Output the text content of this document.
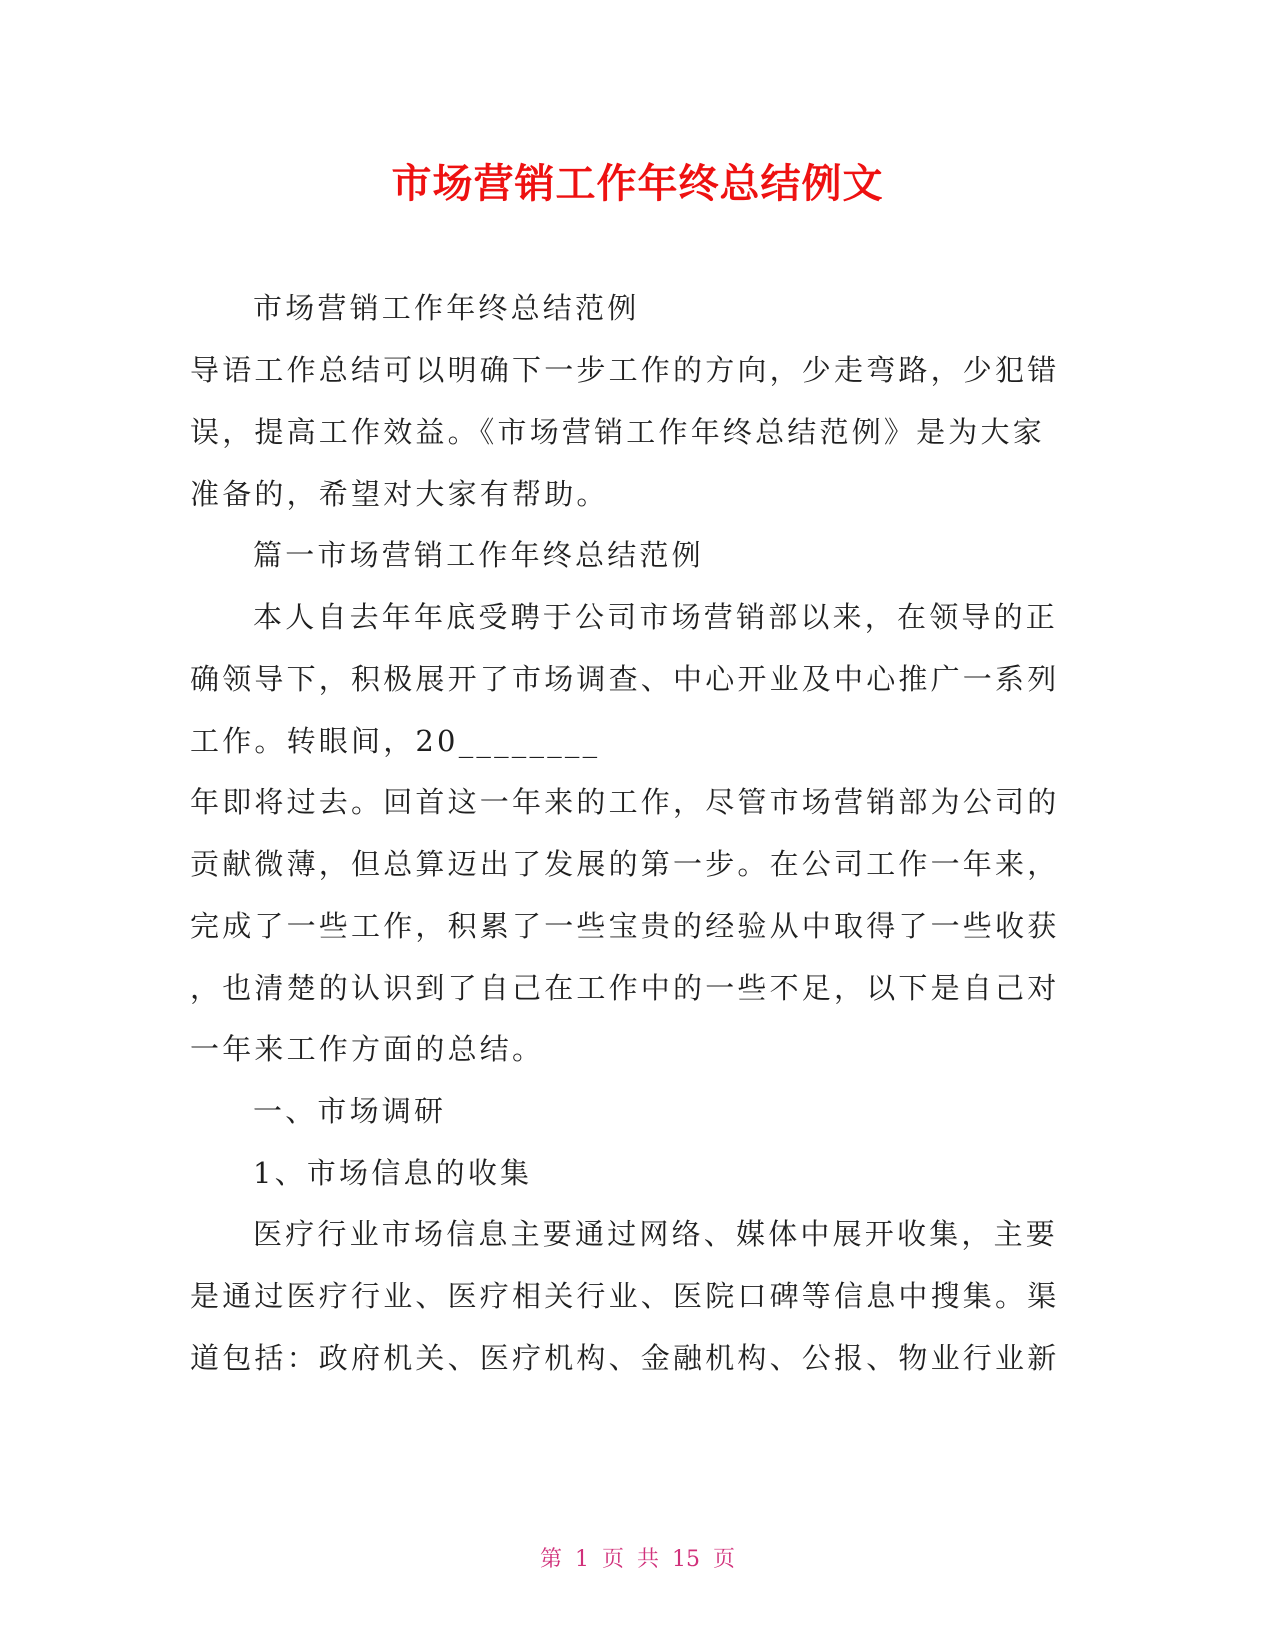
市场营销工作年终总结例文
市场营销工作年终总结范例
导语工作总结可以明确下一步工作的方向，少走弯路，少犯错
误，提高工作效益。《市场营销工作年终总结范例》是为大家
准备的，希望对大家有帮助。
篇一市场营销工作年终总结范例
本人自去年年底受聘于公司市场营销部以来，在领导的正
确领导下，积极展开了市场调查、中心开业及中心推广一系列
工作。转眼间，20________
年即将过去。回首这一年来的工作，尽管市场营销部为公司的
贡献微薄，但总算迈出了发展的第一步。在公司工作一年来，
完成了一些工作，积累了一些宝贵的经验从中取得了一些收获
，也清楚的认识到了自己在工作中的一些不足，以下是自己对
一年来工作方面的总结。
一、市场调研
1、市场信息的收集
医疗行业市场信息主要通过网络、媒体中展开收集，主要
是通过医疗行业、医疗相关行业、医院口碑等信息中搜集。渠
道包括：政府机关、医疗机构、金融机构、公报、物业行业新
第 1 页 共 15 页
